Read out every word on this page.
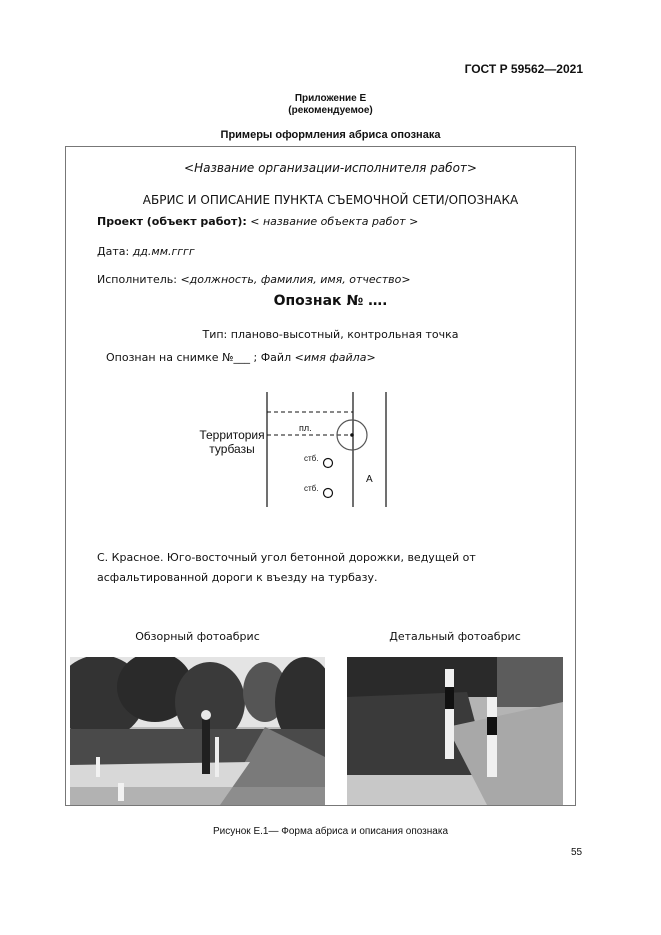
ГОСТ Р 59562—2021
Приложение Е
(рекомендуемое)
Примеры оформления абриса опознака
<Название организации-исполнителя работ>
АБРИС И ОПИСАНИЕ ПУНКТА СЪЕМОЧНОЙ СЕТИ/ОПОЗНАКА
Проект (объект работ): < название объекта работ >
Дата: дд.мм.гггг
Исполнитель: <должность, фамилия, имя, отчество>
Опознак № ….
Тип: планово-высотный, контрольная точка
Опознан на снимке №___ ; Файл <имя файла>
Территория
турбазы
пл.
стб.
стб.
А
С. Красное. Юго-восточный угол бетонной дорожки, ведущей от асфальтированной дороги к въезду на турбазу.
Обзорный фотоабрис	Детальный фотоабрис
Рисунок Е.1— Форма абриса и описания опознака
55
